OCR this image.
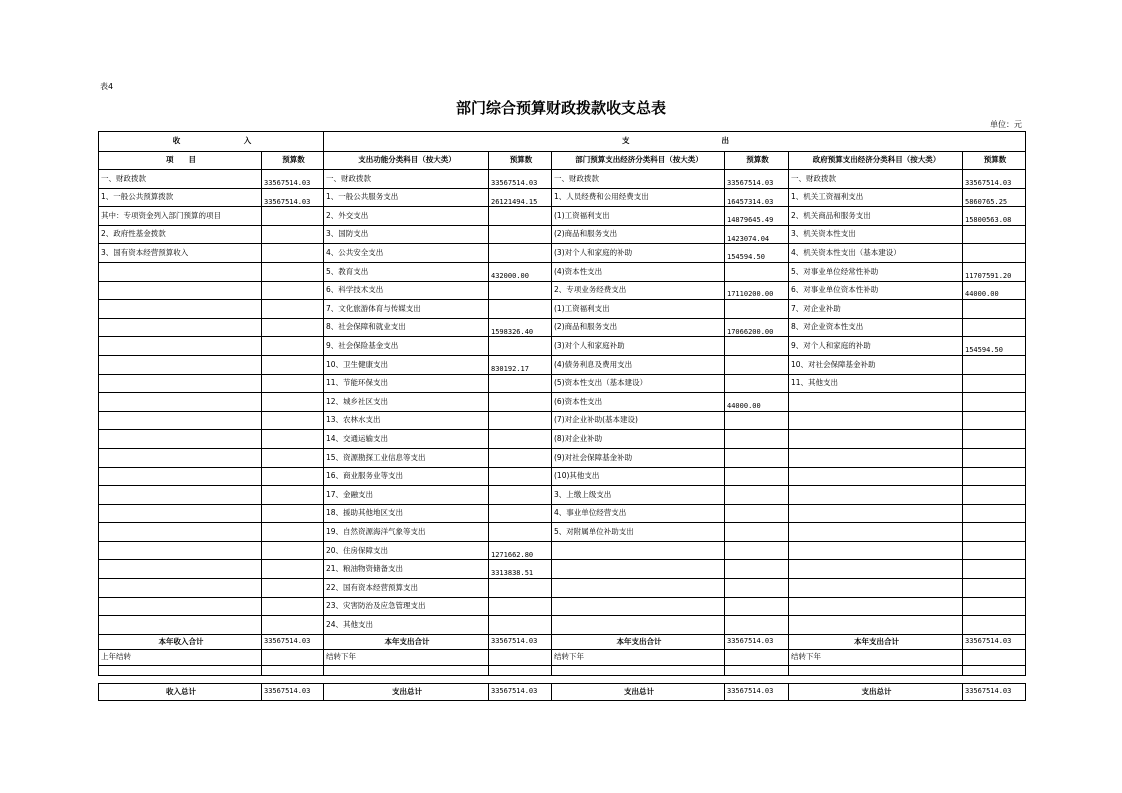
表4
部门综合预算财政拨款收支总表
单位：元
收 入		支 出					

项　　目	预算数	支出功能分类科目（按大类）	预算数	部门预算支出经济分类科目（按大类）	预算数	政府预算支出经济分类科目（按大类）	预算数
一、财政拨款	33567514.03	一、财政拨款	33567514.03	一、财政拨款	33567514.03	一、财政拨款	33567514.03
1、一般公共预算拨款	33567514.03	1、一般公共服务支出	26121494.15	1、人员经费和公用经费支出	16457314.03	1、机关工资福利支出	5860765.25
其中：专项资金列入部门预算的项目		2、外交支出		(1)工资福利支出	14879645.49	2、机关商品和服务支出	15800563.08
2、政府性基金拨款		3、国防支出		(2)商品和服务支出	1423074.04	3、机关资本性支出	
3、国有资本经营预算收入		4、公共安全支出		(3)对个人和家庭的补助	154594.50	4、机关资本性支出（基本建设）	
		5、教育支出	432000.00	(4)资本性支出		5、对事业单位经常性补助	11707591.20
		6、科学技术支出		2、专项业务经费支出	17110200.00	6、对事业单位资本性补助	44000.00
		7、文化旅游体育与传媒支出		(1)工资福利支出		7、对企业补助	
		8、社会保障和就业支出	1598326.40	(2)商品和服务支出	17066200.00	8、对企业资本性支出	
		9、社会保险基金支出		(3)对个人和家庭补助		9、对个人和家庭的补助	154594.50
		10、卫生健康支出	830192.17	(4)债务利息及费用支出		10、对社会保障基金补助	
		11、节能环保支出		(5)资本性支出（基本建设）		11、其他支出	
		12、城乡社区支出		(6)资本性支出	44000.00		
		13、农林水支出		(7)对企业补助(基本建设)			
		14、交通运输支出		(8)对企业补助			
		15、资源勘探工业信息等支出		(9)对社会保障基金补助			
		16、商业服务业等支出		(10)其他支出			
		17、金融支出		3、上缴上级支出			
		18、援助其他地区支出		4、事业单位经营支出			
		19、自然资源海洋气象等支出		5、对附属单位补助支出			
		20、住房保障支出	1271662.80				
		21、粮油物资储备支出	3313838.51				
		22、国有资本经营预算支出					
		23、灾害防治及应急管理支出					
		24、其他支出					
本年收入合计	33567514.03	本年支出合计	33567514.03	本年支出合计	33567514.03	本年支出合计	33567514.03
上年结转		结转下年		结转下年		结转下年	

收入总计	33567514.03	支出总计	33567514.03	支出总计	33567514.03	支出总计	33567514.03
